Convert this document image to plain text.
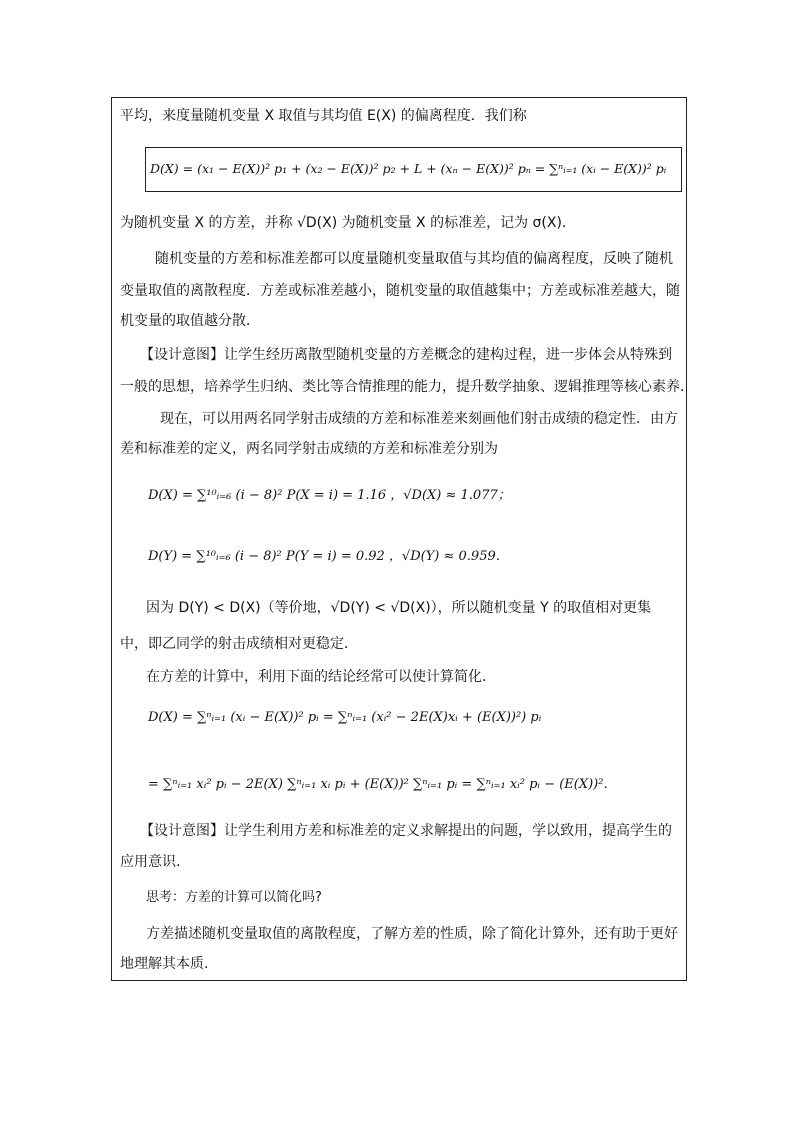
平均，来度量随机变量 X 取值与其均值 E(X) 的偏离程度．我们称
D(X) = (x₁ − E(X))² p₁ + (x₂ − E(X))² p₂ + L + (xₙ − E(X))² pₙ = ∑ⁿᵢ₌₁ (xᵢ − E(X))² pᵢ
为随机变量 X 的方差，并称 √D(X) 为随机变量 X 的标准差，记为 σ(X)．
随机变量的方差和标准差都可以度量随机变量取值与其均值的偏离程度，反映了随机
变量取值的离散程度．方差或标准差越小，随机变量的取值越集中；方差或标准差越大，随
机变量的取值越分散．
【设计意图】让学生经历离散型随机变量的方差概念的建构过程，进一步体会从特殊到
一般的思想，培养学生归纳、类比等合情推理的能力，提升数学抽象、逻辑推理等核心素养.
现在，可以用两名同学射击成绩的方差和标准差来刻画他们射击成绩的稳定性．由方
差和标准差的定义，两名同学射击成绩的方差和标准差分别为
D(X) = ∑¹⁰ᵢ₌₆ (i − 8)² P(X = i) = 1.16 ，√D(X) ≈ 1.077；
D(Y) = ∑¹⁰ᵢ₌₆ (i − 8)² P(Y = i) = 0.92 ，√D(Y) ≈ 0.959．
因为 D(Y) < D(X)（等价地，√D(Y) < √D(X)），所以随机变量 Y 的取值相对更集
中，即乙同学的射击成绩相对更稳定．
在方差的计算中，利用下面的结论经常可以使计算简化．
D(X) = ∑ⁿᵢ₌₁ (xᵢ − E(X))² pᵢ = ∑ⁿᵢ₌₁ (xᵢ² − 2E(X)xᵢ + (E(X))²) pᵢ
= ∑ⁿᵢ₌₁ xᵢ² pᵢ − 2E(X) ∑ⁿᵢ₌₁ xᵢ pᵢ + (E(X))² ∑ⁿᵢ₌₁ pᵢ = ∑ⁿᵢ₌₁ xᵢ² pᵢ − (E(X))²．
【设计意图】让学生利用方差和标准差的定义求解提出的问题，学以致用，提高学生的
应用意识.
思考：方差的计算可以简化吗?
方差描述随机变量取值的离散程度，了解方差的性质，除了简化计算外，还有助于更好
地理解其本质.
